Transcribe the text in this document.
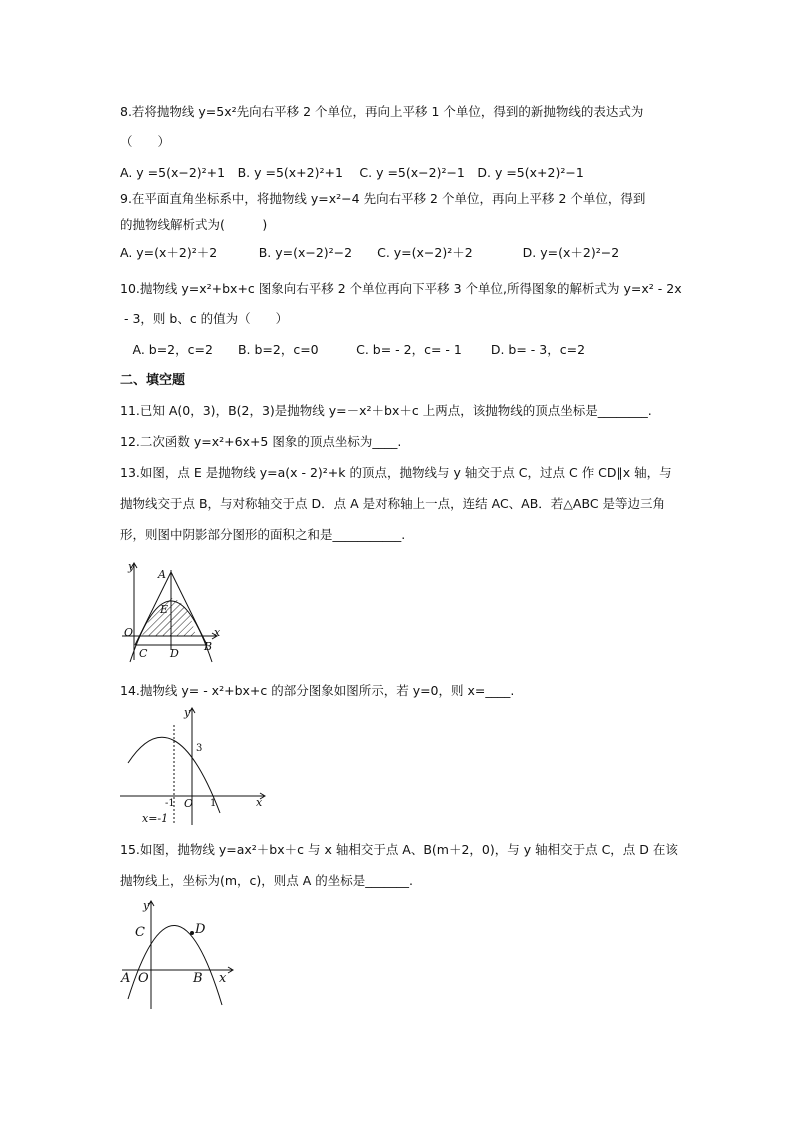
8.若将抛物线 y=5x²先向右平移 2 个单位，再向上平移 1 个单位，得到的新抛物线的表达式为
（　　）
A. y =5(x−2)²+1　B. y =5(x+2)²+1　 C. y =5(x−2)²−1　D. y =5(x+2)²−1
9.在平面直角坐标系中，将抛物线 y=x²−4 先向右平移 2 个单位，再向上平移 2 个单位，得到
的抛物线解析式为(　　　)
A. y=(x＋2)²＋2　　　 B. y=(x−2)²−2　　C. y=(x−2)²＋2　　　　D. y=(x＋2)²−2
10.抛物线 y=x²+bx+c 图象向右平移 2 个单位再向下平移 3 个单位,所得图象的解析式为 y=x² - 2x
- 3，则 b、c 的值为（　　）
　A. b=2，c=2　　B. b=2，c=0　　　C. b= - 2，c= - 1　　 D. b= - 3，c=2
二、填空题
11.已知 A(0，3)，B(2，3)是抛物线 y=－x²＋bx＋c 上两点，该抛物线的顶点坐标是________.
12.二次函数 y=x²+6x+5 图象的顶点坐标为____.
13.如图，点 E 是抛物线 y=a(x - 2)²+k 的顶点，抛物线与 y 轴交于点 C，过点 C 作 CD∥x 轴，与
抛物线交于点 B，与对称轴交于点 D．点 A 是对称轴上一点，连结 AC、AB．若△ABC 是等边三角
形，则图中阴影部分图形的面积之和是___________.
y
A
E
O	x
C D
B
14.抛物线 y= - x²+bx+c 的部分图象如图所示，若 y=0，则 x=____.
y
3
-1 O 1	x
x=-1
15.如图，抛物线 y=ax²＋bx＋c 与 x 轴相交于点 A、B(m＋2，0)，与 y 轴相交于点 C，点 D 在该
抛物线上，坐标为(m，c)，则点 A 的坐标是_______.
y
C	D
A O	B x
